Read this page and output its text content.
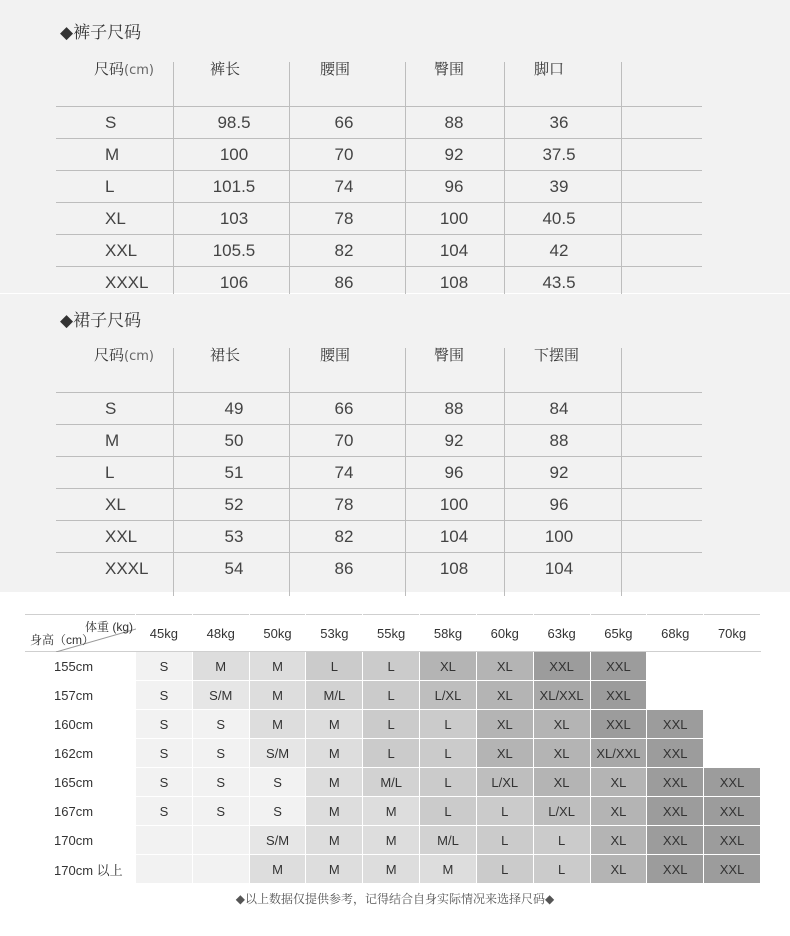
◆裤子尺码
尺码(cm)	裤长	腰围	臀围	脚口
S	98.5	66	88	36
M	100	70	92	37.5
L	101.5	74	96	39
XL	103	78	100	40.5
XXL	105.5	82	104	42
XXXL	106	86	108	43.5
◆裙子尺码
尺码(cm)	裙长	腰围	臀围	下摆围
S	49	66	88	84
M	50	70	92	88
L	51	74	96	92
XL	52	78	100	96
XXL	53	82	104	100
XXXL	54	86	108	104
体重 (kg)
身高（cm）	45kg	48kg	50kg	53kg	55kg	58kg	60kg	63kg	65kg	68kg	70kg
155cm	S	M	M	L	L	XL	XL	XXL	XXL		
157cm	S	S/M	M	M/L	L	L/XL	XL	XL/XXL	XXL		
160cm	S	S	M	M	L	L	XL	XL	XXL	XXL	
162cm	S	S	S/M	M	L	L	XL	XL	XL/XXL	XXL	
165cm	S	S	S	M	M/L	L	L/XL	XL	XL	XXL	XXL
167cm	S	S	S	M	M	L	L	L/XL	XL	XXL	XXL
170cm			S/M	M	M	M/L	L	L	XL	XXL	XXL
170cm 以上			M	M	M	M	L	L	XL	XXL	XXL
◆以上数据仅提供参考，记得结合自身实际情况来选择尺码◆
